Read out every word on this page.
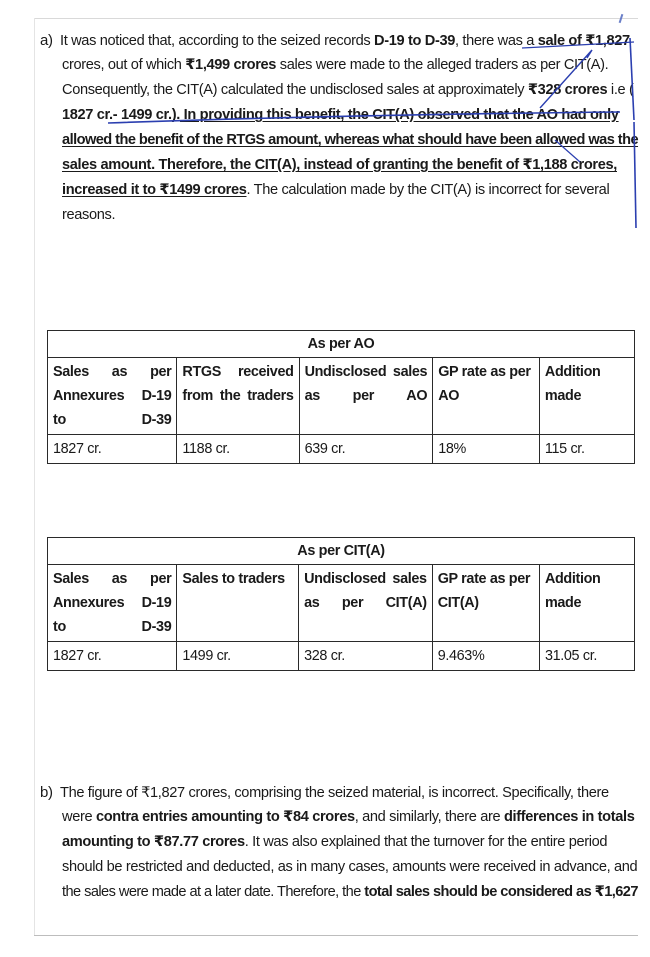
a) It was noticed that, according to the seized records D-19 to D-39, there was a sale of ₹1,827
crores, out of which ₹1,499 crores sales were made to the alleged traders as per CIT(A).
Consequently, the CIT(A) calculated the undisclosed sales at approximately ₹328 crores i.e (
1827 cr.- 1499 cr.). In providing this benefit, the CIT(A) observed that the AO had only
allowed the benefit of the RTGS amount, whereas what should have been allowed was the
sales amount. Therefore, the CIT(A), instead of granting the benefit of ₹1,188 crores,
increased it to ₹1499 crores. The calculation made by the CIT(A) is incorrect for several
reasons.
As per AO				
Sales as per Annexures D-19 to D-39	RTGS received from the traders	Undisclosed sales as per AO	GP rate as per AO	Addition made
1827 cr.	1188 cr.	639 cr.	18%	115 cr.
As per CIT(A)				
Sales as per Annexures D-19 to D-39	Sales to traders	Undisclosed sales as per CIT(A)	GP rate as per CIT(A)	Addition made
1827 cr.	1499 cr.	328 cr.	9.463%	31.05 cr.
b) The figure of ₹1,827 crores, comprising the seized material, is incorrect. Specifically, there
were contra entries amounting to ₹84 crores, and similarly, there are differences in totals
amounting to ₹87.77 crores. It was also explained that the turnover for the entire period
should be restricted and deducted, as in many cases, amounts were received in advance, and
the sales were made at a later date. Therefore, the total sales should be considered as ₹1,627
